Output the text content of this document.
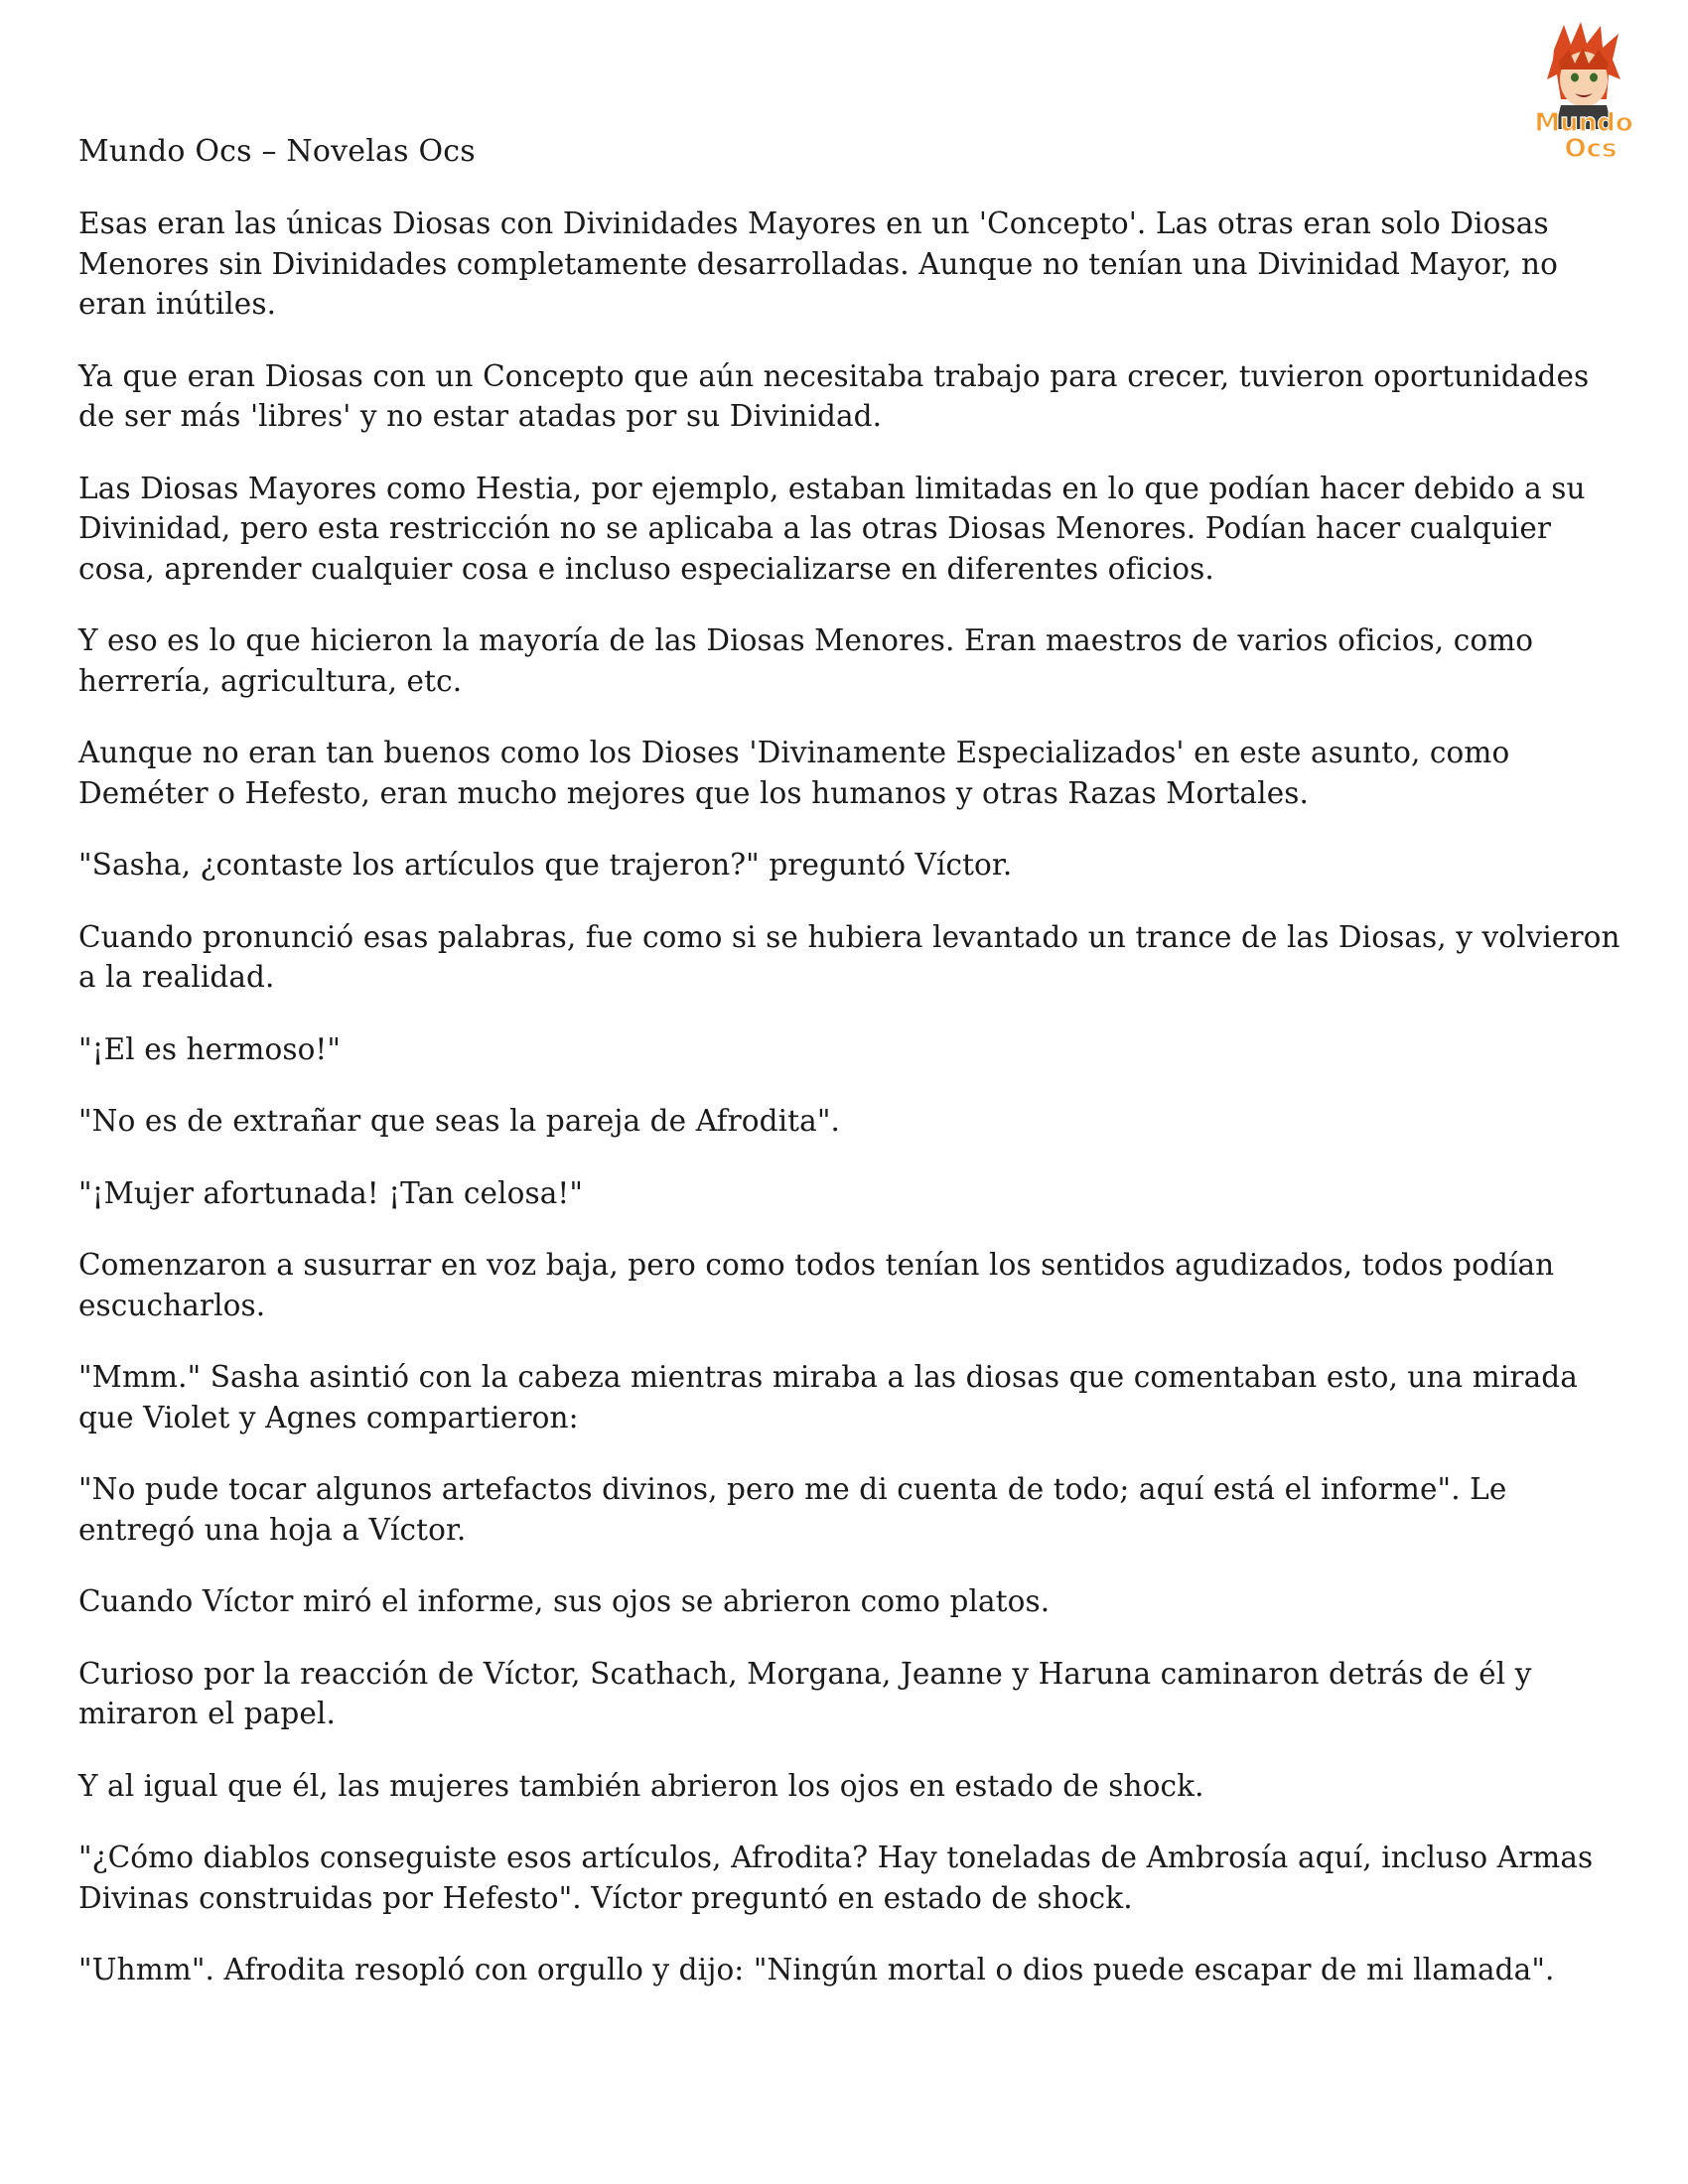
Mundo
Ocs
Mundo Ocs – Novelas Ocs

Esas eran las únicas Diosas con Divinidades Mayores en un 'Concepto'. Las otras eran solo Diosas Menores sin Divinidades completamente desarrolladas. Aunque no tenían una Divinidad Mayor, no eran inútiles.

Ya que eran Diosas con un Concepto que aún necesitaba trabajo para crecer, tuvieron oportunidades de ser más 'libres' y no estar atadas por su Divinidad.

Las Diosas Mayores como Hestia, por ejemplo, estaban limitadas en lo que podían hacer debido a su Divinidad, pero esta restricción no se aplicaba a las otras Diosas Menores. Podían hacer cualquier cosa, aprender cualquier cosa e incluso especializarse en diferentes oficios.

Y eso es lo que hicieron la mayoría de las Diosas Menores. Eran maestros de varios oficios, como herrería, agricultura, etc.

Aunque no eran tan buenos como los Dioses 'Divinamente Especializados' en este asunto, como Deméter o Hefesto, eran mucho mejores que los humanos y otras Razas Mortales.

"Sasha, ¿contaste los artículos que trajeron?" preguntó Víctor.

Cuando pronunció esas palabras, fue como si se hubiera levantado un trance de las Diosas, y volvieron a la realidad.

"¡El es hermoso!"

"No es de extrañar que seas la pareja de Afrodita".

"¡Mujer afortunada! ¡Tan celosa!"

Comenzaron a susurrar en voz baja, pero como todos tenían los sentidos agudizados, todos podían escucharlos.

"Mmm." Sasha asintió con la cabeza mientras miraba a las diosas que comentaban esto, una mirada que Violet y Agnes compartieron:

"No pude tocar algunos artefactos divinos, pero me di cuenta de todo; aquí está el informe". Le entregó una hoja a Víctor.

Cuando Víctor miró el informe, sus ojos se abrieron como platos.

Curioso por la reacción de Víctor, Scathach, Morgana, Jeanne y Haruna caminaron detrás de él y miraron el papel.

Y al igual que él, las mujeres también abrieron los ojos en estado de shock.

"¿Cómo diablos conseguiste esos artículos, Afrodita? Hay toneladas de Ambrosía aquí, incluso Armas Divinas construidas por Hefesto". Víctor preguntó en estado de shock.

"Uhmm". Afrodita resopló con orgullo y dijo: "Ningún mortal o dios puede escapar de mi llamada".
